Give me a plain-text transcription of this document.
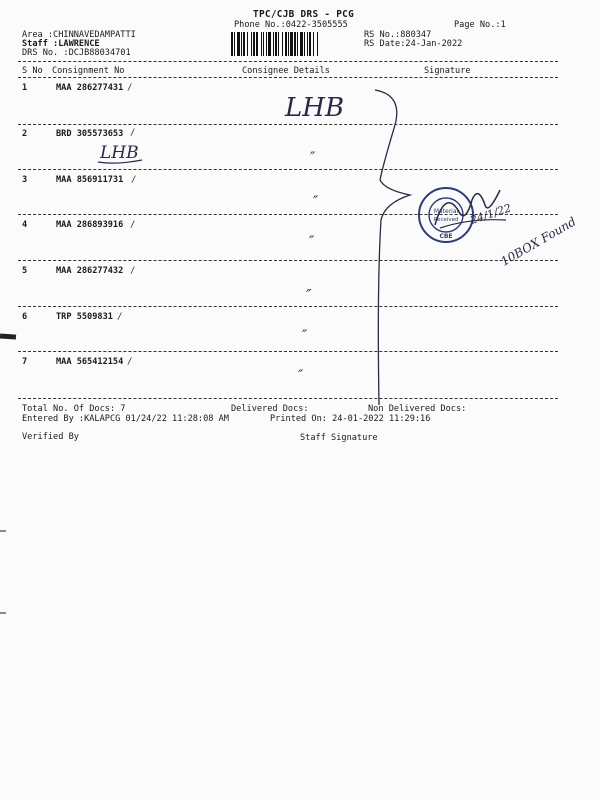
TPC/CJB DRS - PCG
Phone No.:0422-3505555	Page No.:1
Area :CHINNAVEDAMPATTI
Staff :LAWRENCE
DRS No. :DCJB88034701
RS No.:880347
RS Date:24-Jan-2022
S No Consignment No	Consignee Details	Signature
1	MAA 286277431 /
2	BRD 305573653 /
3	MAA 856911731 /
4	MAA 286893916 /
5	MAA 286277432 /
6	TRP 5509831 /
7	MAA 565412154 /
Total No. Of Docs: 7	Delivered Docs:	Non Delivered Docs:
Entered By :KALAPCG 01/24/22 11:28:08 AM	Printed On: 24-01-2022 11:29:16
Verified By	Staff Signature
LHB
LHB	″
″
″
″
″
″
Material
Received
CBE
24/1/22
10BOX Found
